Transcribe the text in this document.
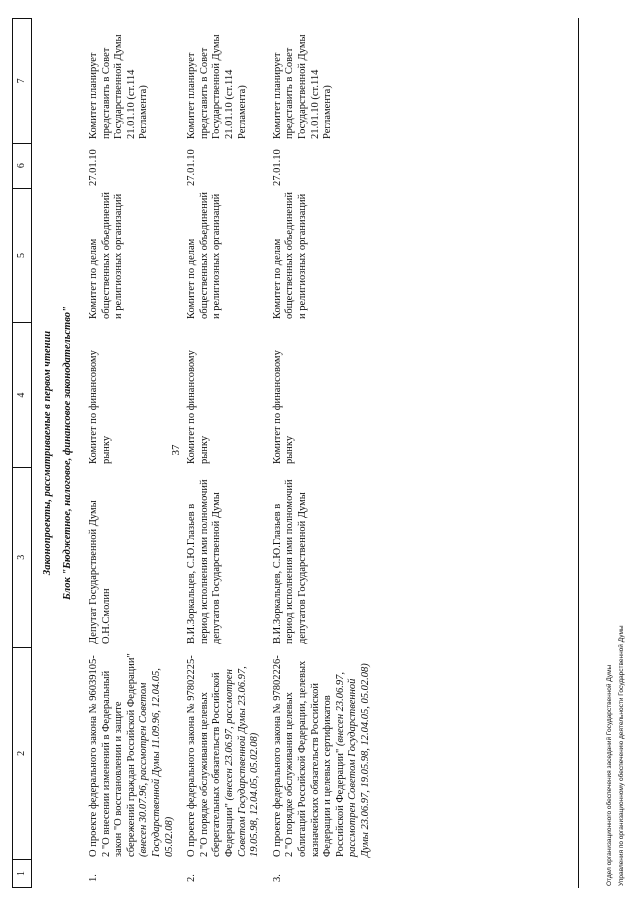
37
1
2
3
4
5
6
7
Законопроекты, рассматриваемые в первом чтении Блок "Бюджетное, налоговое, финансовое законодательство"
1.
О проекте федерального закона № 96039105-2 "О внесении изменений в Федеральный закон "О восстановлении и защите сбережений граждан Российской Федерации" (внесен 30.07.96, рассмотрен Советом Государственной Думы 11.09.96, 12.04.05, 05.02.08)
Депутат Государственной Думы О.Н.Смолин
Комитет по финансовому рынку
Комитет по делам общественных объединений и религиозных организаций
27.01.10
Комитет планирует представить в Совет Государственной Думы 21.01.10 (ст.114 Регламента)
2.
О проекте федерального закона № 97802225-2 "О порядке обслуживания целевых сберегательных обязательств Российской Федерации" (внесен 23.06.97, рассмотрен Советом Государственной Думы 23.06.97, 19.05.98, 12.04.05, 05.02.08)
В.И.Зоркальцев, С.Ю.Глазьев в период исполнения ими полномочий депутатов Государственной Думы
Комитет по финансовому рынку
Комитет по делам общественных объединений и религиозных организаций
27.01.10
Комитет планирует представить в Совет Государственной Думы 21.01.10 (ст.114 Регламента)
3.
О проекте федерального закона № 97802226-2 "О порядке обслуживания целевых облигаций Российской Федерации, целевых казначейских обязательств Российской Федерации и целевых сертификатов Российской Федерации" (внесен 23.06.97, рассмотрен Советом Государственной Думы 23.06.97, 19.05.98, 12.04.05, 05.02.08)
В.И.Зоркальцев, С.Ю.Глазьев в период исполнения ими полномочий депутатов Государственной Думы
Комитет по финансовому рынку
Комитет по делам общественных объединений и религиозных организаций
27.01.10
Комитет планирует представить в Совет Государственной Думы 21.01.10 (ст.114 Регламента)
Отдел организационного обеспечения заседаний Государственной Думы Управления по организационному обеспечению деятельности Государственной Думы
